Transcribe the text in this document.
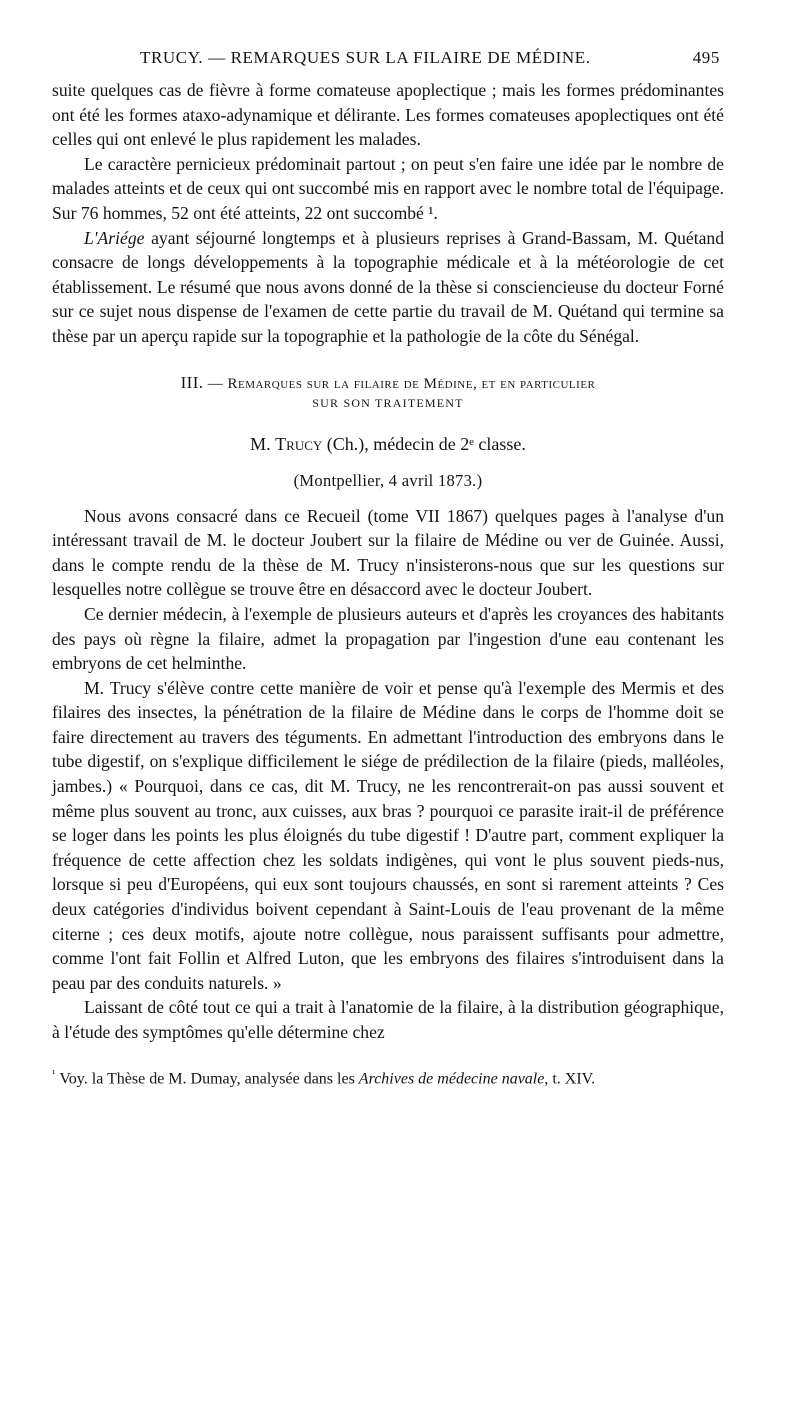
TRUCY. — REMARQUES SUR LA FILAIRE DE MÉDINE.	495

suite quelques cas de fièvre à forme comateuse apoplectique ; mais les formes prédominantes ont été les formes ataxo-adynamique et délirante. Les formes comateuses apoplectiques ont été celles qui ont enlevé le plus rapidement les malades.

Le caractère pernicieux prédominait partout ; on peut s'en faire une idée par le nombre de malades atteints et de ceux qui ont succombé mis en rapport avec le nombre total de l'équipage. Sur 76 hommes, 52 ont été atteints, 22 ont succombé ¹.

L'Ariége ayant séjourné longtemps et à plusieurs reprises à Grand-Bassam, M. Quétand consacre de longs développements à la topographie médicale et à la météorologie de cet établissement. Le résumé que nous avons donné de la thèse si consciencieuse du docteur Forné sur ce sujet nous dispense de l'examen de cette partie du travail de M. Quétand qui termine sa thèse par un aperçu rapide sur la topographie et la pathologie de la côte du Sénégal.

III. — Remarques sur la filaire de Médine, et en particulier
SUR SON TRAITEMENT
M. Trucy (Ch.), médecin de 2ᵉ classe.
(Montpellier, 4 avril 1873.)

Nous avons consacré dans ce Recueil (tome VII 1867) quelques pages à l'analyse d'un intéressant travail de M. le docteur Joubert sur la filaire de Médine ou ver de Guinée. Aussi, dans le compte rendu de la thèse de M. Trucy n'insisterons-nous que sur les questions sur lesquelles notre collègue se trouve être en désaccord avec le docteur Joubert.

Ce dernier médecin, à l'exemple de plusieurs auteurs et d'après les croyances des habitants des pays où règne la filaire, admet la propagation par l'ingestion d'une eau contenant les embryons de cet helminthe.

M. Trucy s'élève contre cette manière de voir et pense qu'à l'exemple des Mermis et des filaires des insectes, la pénétration de la filaire de Médine dans le corps de l'homme doit se faire directement au travers des téguments. En admettant l'introduction des embryons dans le tube digestif, on s'explique difficilement le siége de prédilection de la filaire (pieds, malléoles, jambes.) « Pourquoi, dans ce cas, dit M. Trucy, ne les rencontrerait-on pas aussi souvent et même plus souvent au tronc, aux cuisses, aux bras ? pourquoi ce parasite irait-il de préférence se loger dans les points les plus éloignés du tube digestif ! D'autre part, comment expliquer la fréquence de cette affection chez les soldats indigènes, qui vont le plus souvent pieds-nus, lorsque si peu d'Européens, qui eux sont toujours chaussés, en sont si rarement atteints ? Ces deux catégories d'individus boivent cependant à Saint-Louis de l'eau provenant de la même citerne ; ces deux motifs, ajoute notre collègue, nous paraissent suffisants pour admettre, comme l'ont fait Follin et Alfred Luton, que les embryons des filaires s'introduisent dans la peau par des conduits naturels. »

Laissant de côté tout ce qui a trait à l'anatomie de la filaire, à la distribution géographique, à l'étude des symptômes qu'elle détermine chez

$^{^1}$ Voy. la Thèse de M. Dumay, analysée dans les Archives de médecine navale, t. XIV.
